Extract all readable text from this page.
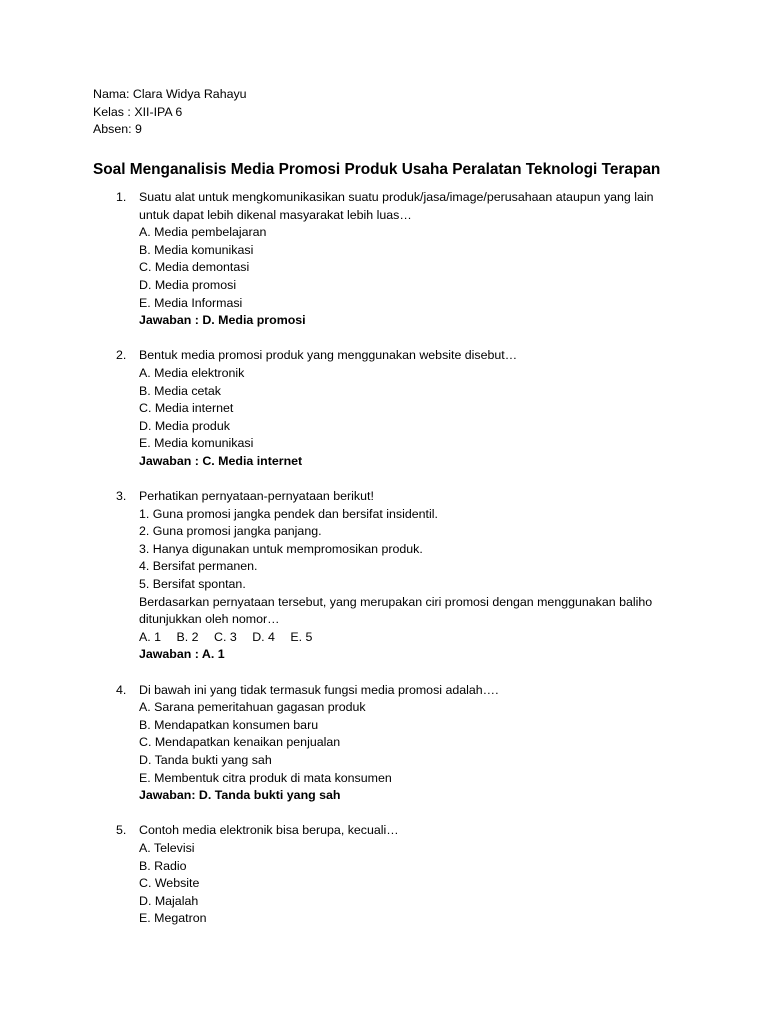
Nama: Clara Widya Rahayu
Kelas : XII-IPA 6
Absen: 9
Soal Menganalisis Media Promosi Produk Usaha Peralatan Teknologi Terapan
1. Suatu alat untuk mengkomunikasikan suatu produk/jasa/image/perusahaan ataupun yang lain untuk dapat lebih dikenal masyarakat lebih luas…
A. Media pembelajaran
B. Media komunikasi
C. Media demontasi
D. Media promosi
E. Media Informasi
Jawaban : D. Media promosi
2. Bentuk media promosi produk yang menggunakan website disebut…
A. Media elektronik
B. Media cetak
C. Media internet
D. Media produk
E. Media komunikasi
Jawaban : C. Media internet
3. Perhatikan pernyataan-pernyataan berikut!
1. Guna promosi jangka pendek dan bersifat insidentil.
2. Guna promosi jangka panjang.
3. Hanya digunakan untuk mempromosikan produk.
4. Bersifat permanen.
5. Bersifat spontan.
Berdasarkan pernyataan tersebut, yang merupakan ciri promosi dengan menggunakan baliho ditunjukkan oleh nomor…
A. 1 B. 2 C. 3 D. 4 E. 5
Jawaban : A. 1
4. Di bawah ini yang tidak termasuk fungsi media promosi adalah….
A. Sarana pemeritahuan gagasan produk
B. Mendapatkan konsumen baru
C. Mendapatkan kenaikan penjualan
D. Tanda bukti yang sah
E. Membentuk citra produk di mata konsumen
Jawaban: D. Tanda bukti yang sah
5. Contoh media elektronik bisa berupa, kecuali…
A. Televisi
B. Radio
C. Website
D. Majalah
E. Megatron
